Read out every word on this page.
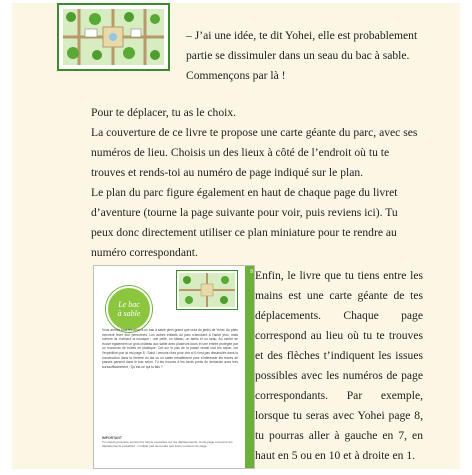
– J’ai une idée, te dit Yohei, elle est probablement partie se dissimuler dans un seau du bac à sable. Commençons par là !

Pour te déplacer, tu as le choix.

La couverture de ce livre te propose une carte géante du parc, avec ses numéros de lieu. Choisis un des lieux à côté de l’endroit où tu te trouves et rends-toi au numéro de page indiqué sur le plan.

Le plan du parc figure également en haut de chaque page du livret d’aventure (tourne la page suivante pour voir, puis reviens ici). Tu peux donc directement utiliser ce plan miniature pour te rendre au numéro correspondant.

8
Le bac
à sable
Vous arrivez tous les deux à un bac à sable plein grand que celui du jardin de Yohei. Au plein viennent lever leur personnes. Les autres enfants du parc s’amusent à l’autre jeux, mais comme ils n’aiment la musique : une pelle, un râteau, un tamis et un seau. Au centre se trouve également un gros château aux sable avec plusieurs tours et une entrée protégée par un monceau de boîtes en plastique. Cet sur le pas de la passe venait tout les sépar, car l’expédition par ici est page 8 : Salut ! venons chez pour voir si il n’est pas dissimulée dans la construction dans la l’entrée du tas ou un sable rebattement pour s’intéresser les traces de passes parsent dans le bac selon. Tu les trouves à les seuls ponts du demande avec très sursauffisamment : Qu’est-ce qui tu fais ?
IMPORTANT
Tu croiras peut-être souvent la même nouvelles sur les déplacements. Cette page concerne les déplacements possibles : n’oublie pas de rendre aux bons numéros de page.

Enfin, le livre que tu tiens entre les mains est une carte géante de tes déplacements. Chaque page correspond au lieu où tu te trouves et des flèches t’indiquent les issues possibles avec les numéros de page correspondants. Par exemple, lorsque tu seras avec Yohei page 8, tu pourras aller à gauche en 7, en haut en 5 ou en 10 et à droite en 1.
